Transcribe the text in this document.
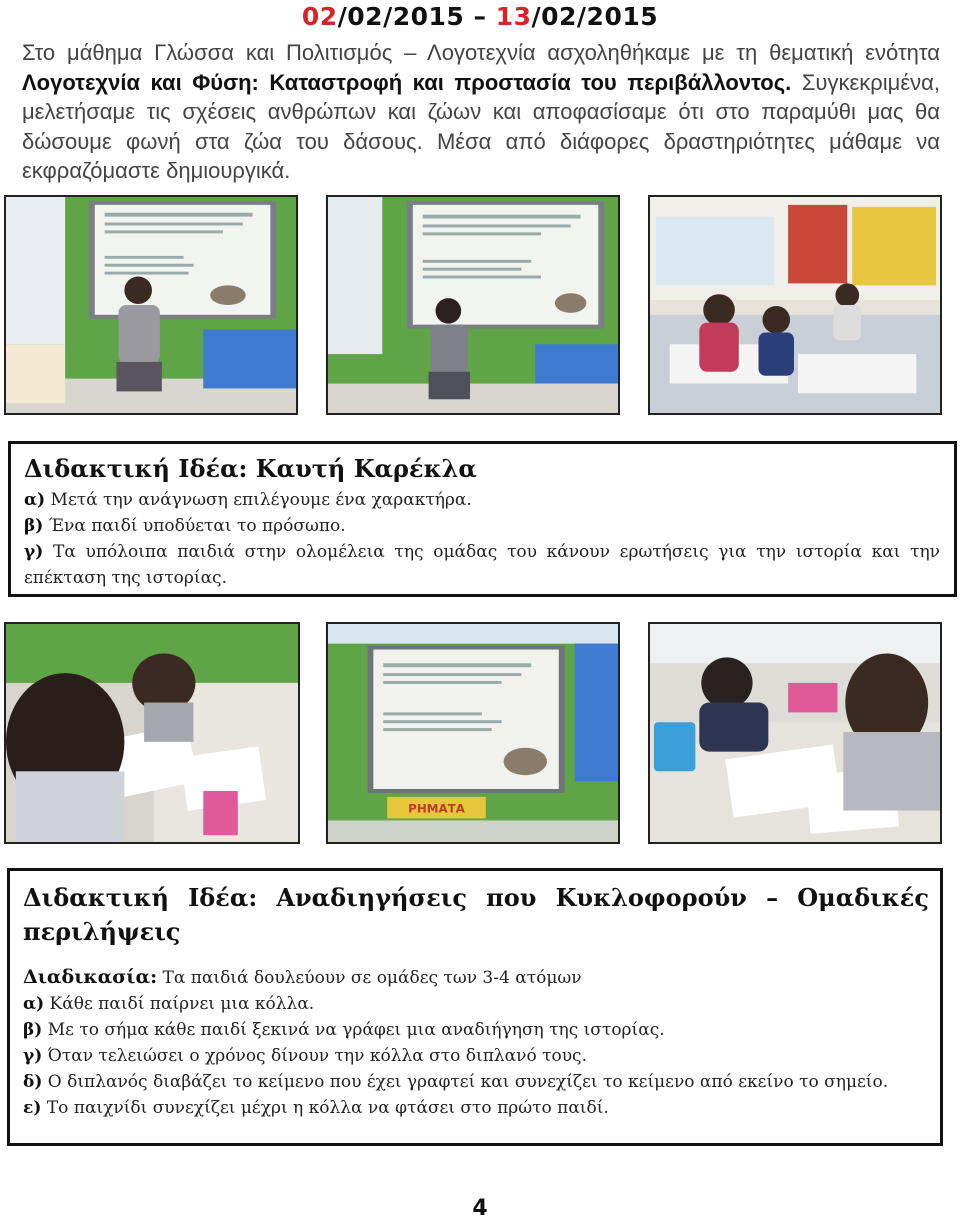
02/02/2015 – 13/02/2015
Στο μάθημα Γλώσσα και Πολιτισμός – Λογοτεχνία ασχοληθήκαμε με τη θεματική ενότητα Λογοτεχνία και Φύση: Καταστροφή και προστασία του περιβάλλοντος. Συγκεκριμένα, μελετήσαμε τις σχέσεις ανθρώπων και ζώων και αποφασίσαμε ότι στο παραμύθι μας θα δώσουμε φωνή στα ζώα του δάσους. Μέσα από διάφορες δραστηριότητες μάθαμε να εκφραζόμαστε δημιουργικά.
Διδακτική Ιδέα: Καυτή Καρέκλα
α) Μετά την ανάγνωση επιλέγουμε ένα χαρακτήρα.
β) Ένα παιδί υποδύεται το πρόσωπο.
γ) Τα υπόλοιπα παιδιά στην ολομέλεια της ομάδας του κάνουν ερωτήσεις για την ιστορία και την επέκταση της ιστορίας.
ΡΗΜΑΤΑ
Διδακτική Ιδέα: Αναδιηγήσεις που Κυκλοφορούν – Ομαδικές περιλήψεις
Διαδικασία: Τα παιδιά δουλεύουν σε ομάδες των 3-4 ατόμων
α) Κάθε παιδί παίρνει μια κόλλα.
β) Με το σήμα κάθε παιδί ξεκινά να γράφει μια αναδιήγηση της ιστορίας.
γ) Όταν τελειώσει ο χρόνος δίνουν την κόλλα στο διπλανό τους.
δ) Ο διπλανός διαβάζει το κείμενο που έχει γραφτεί και συνεχίζει το κείμενο από εκείνο το σημείο.
ε) Το παιχνίδι συνεχίζει μέχρι η κόλλα να φτάσει στο πρώτο παιδί.
4
